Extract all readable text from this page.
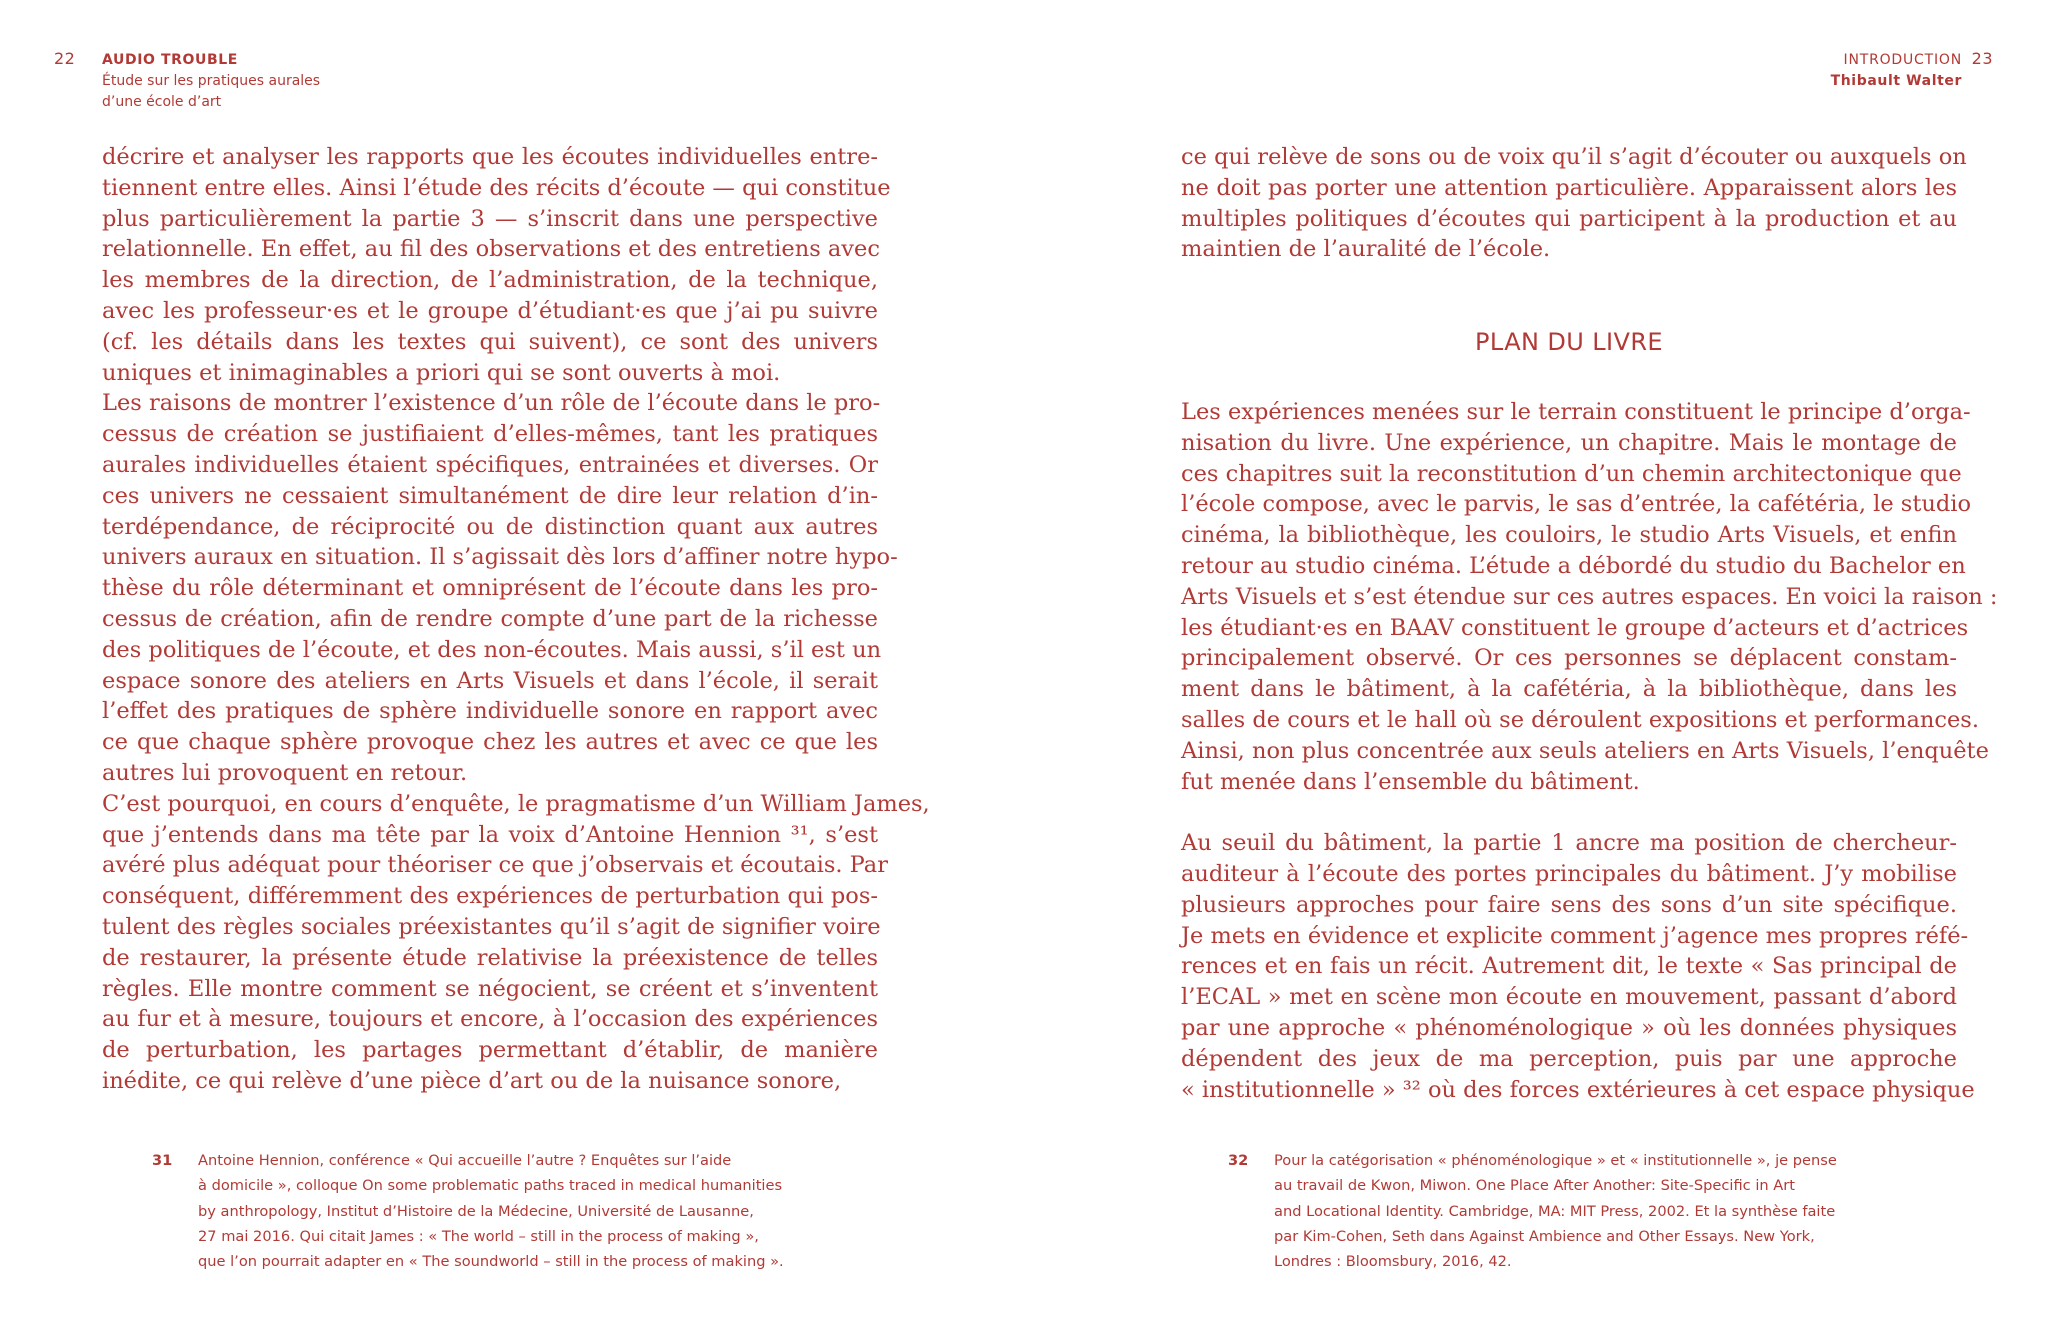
22 AUDIO TROUBLE
Étude sur les pratiques aurales
d’une école d’art
décrire et analyser les rapports que les écoutes individuelles entre-
tiennent entre elles. Ainsi l’étude des récits d’écoute — qui constitue
plus particulièrement la partie 3 — s’inscrit dans une perspective
relationnelle. En effet, au fil des observations et des entretiens avec
les membres de la direction, de l’administration, de la technique,
avec les professeur·es et le groupe d’étudiant·es que j’ai pu suivre
(cf. les détails dans les textes qui suivent), ce sont des univers
uniques et inimaginables a priori qui se sont ouverts à moi.
Les raisons de montrer l’existence d’un rôle de l’écoute dans le pro-
cessus de création se justifiaient d’elles-mêmes, tant les pratiques
aurales individuelles étaient spécifiques, entrainées et diverses. Or
ces univers ne cessaient simultanément de dire leur relation d’in-
terdépendance, de réciprocité ou de distinction quant aux autres
univers auraux en situation. Il s’agissait dès lors d’affiner notre hypo-
thèse du rôle déterminant et omniprésent de l’écoute dans les pro-
cessus de création, afin de rendre compte d’une part de la richesse
des politiques de l’écoute, et des non-écoutes. Mais aussi, s’il est un
espace sonore des ateliers en Arts Visuels et dans l’école, il serait
l’effet des pratiques de sphère individuelle sonore en rapport avec
ce que chaque sphère provoque chez les autres et avec ce que les
autres lui provoquent en retour.
C’est pourquoi, en cours d’enquête, le pragmatisme d’un William James,
que j’entends dans ma tête par la voix d’Antoine Hennion ³¹, s’est
avéré plus adéquat pour théoriser ce que j’observais et écoutais. Par
conséquent, différemment des expériences de perturbation qui pos-
tulent des règles sociales préexistantes qu’il s’agit de signifier voire
de restaurer, la présente étude relativise la préexistence de telles
règles. Elle montre comment se négocient, se créent et s’inventent
au fur et à mesure, toujours et encore, à l’occasion des expériences
de perturbation, les partages permettant d’établir, de manière
inédite, ce qui relève d’une pièce d’art ou de la nuisance sonore,
31 Antoine Hennion, conférence « Qui accueille l’autre ? Enquêtes sur l’aide
à domicile », colloque On some problematic paths traced in medical humanities
by anthropology, Institut d’Histoire de la Médecine, Université de Lausanne,
27 mai 2016. Qui citait James : « The world – still in the process of making »,
que l’on pourrait adapter en « The soundworld – still in the process of making ».
INTRODUCTION
Thibault Walter
23
ce qui relève de sons ou de voix qu’il s’agit d’écouter ou auxquels on
ne doit pas porter une attention particulière. Apparaissent alors les
multiples politiques d’écoutes qui participent à la production et au
maintien de l’auralité de l’école.
PLAN DU LIVRE
Les expériences menées sur le terrain constituent le principe d’orga-
nisation du livre. Une expérience, un chapitre. Mais le montage de
ces chapitres suit la reconstitution d’un chemin architectonique que
l’école compose, avec le parvis, le sas d’entrée, la cafétéria, le studio
cinéma, la bibliothèque, les couloirs, le studio Arts Visuels, et enfin
retour au studio cinéma. L’étude a débordé du studio du Bachelor en
Arts Visuels et s’est étendue sur ces autres espaces. En voici la raison :
les étudiant·es en BAAV constituent le groupe d’acteurs et d’actrices
principalement observé. Or ces personnes se déplacent constam-
ment dans le bâtiment, à la cafétéria, à la bibliothèque, dans les
salles de cours et le hall où se déroulent expositions et performances.
Ainsi, non plus concentrée aux seuls ateliers en Arts Visuels, l’enquête
fut menée dans l’ensemble du bâtiment.
Au seuil du bâtiment, la partie 1 ancre ma position de chercheur-
auditeur à l’écoute des portes principales du bâtiment. J’y mobilise
plusieurs approches pour faire sens des sons d’un site spécifique.
Je mets en évidence et explicite comment j’agence mes propres réfé-
rences et en fais un récit. Autrement dit, le texte « Sas principal de
l’ECAL » met en scène mon écoute en mouvement, passant d’abord
par une approche « phénoménologique » où les données physiques
dépendent des jeux de ma perception, puis par une approche
« institutionnelle » ³² où des forces extérieures à cet espace physique
32 Pour la catégorisation « phénoménologique » et « institutionnelle », je pense
au travail de Kwon, Miwon. One Place After Another: Site-Specific in Art
and Locational Identity. Cambridge, MA: MIT Press, 2002. Et la synthèse faite
par Kim-Cohen, Seth dans Against Ambience and Other Essays. New York,
Londres : Bloomsbury, 2016, 42.
